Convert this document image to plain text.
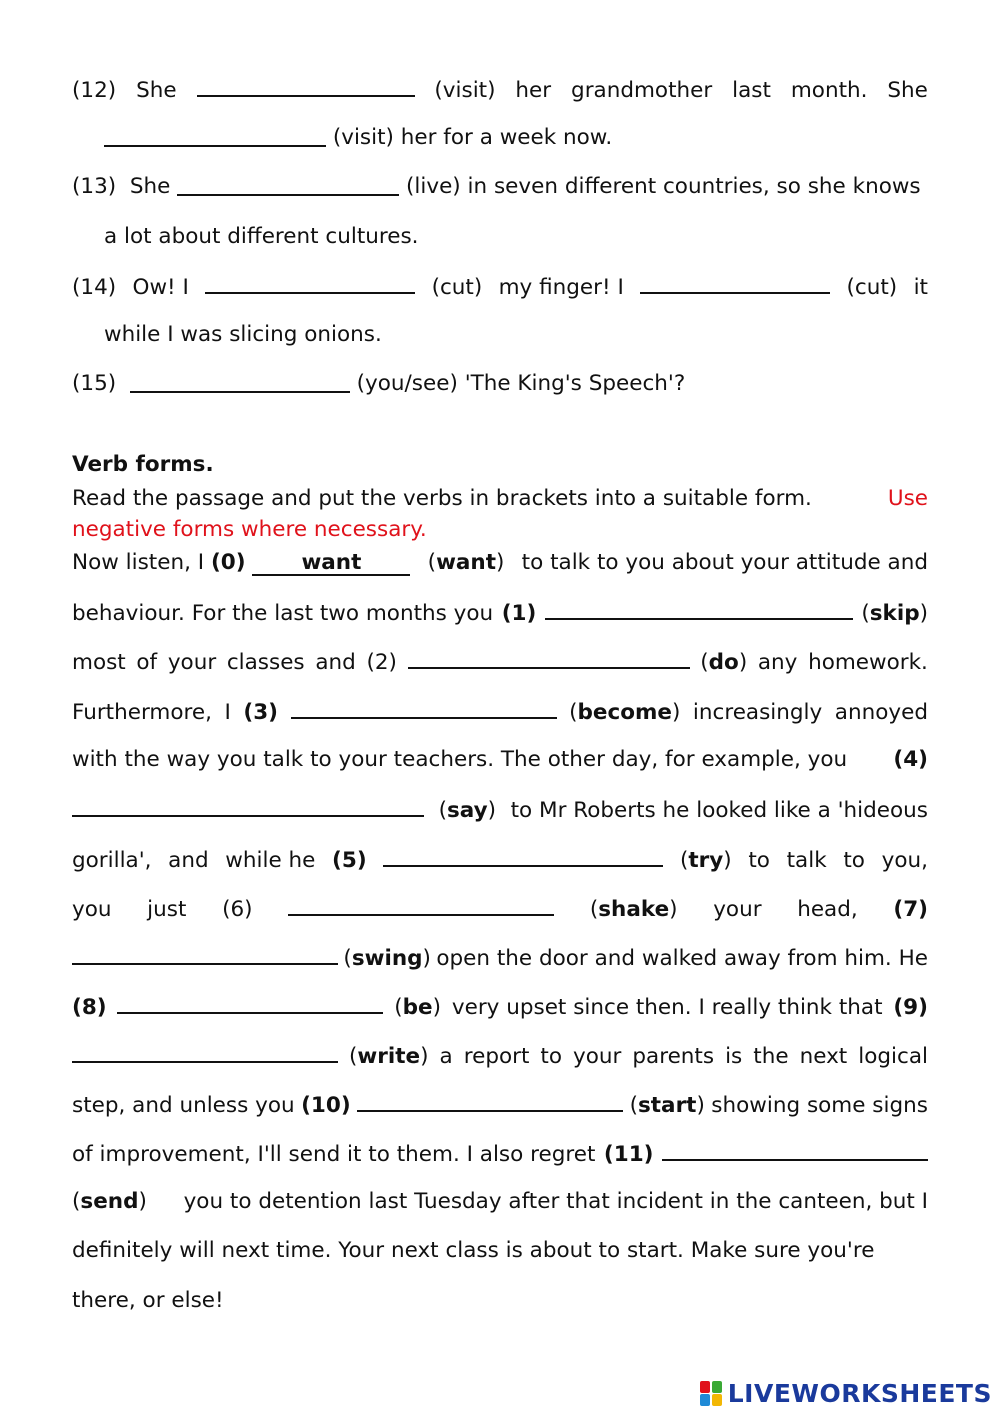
(12) She	(visit) her grandmother last month. She
(visit) her for a week now.
(13) She	(live) in seven different countries, so she knows
a lot about different cultures.
(14) Ow! I	(cut) my finger! I	(cut) it
while I was slicing onions.
(15)	(you/see) 'The King's Speech'?
Verb forms.
Read the passage and put the verbs in brackets into a suitable form.	Use
negative forms where necessary.
Now listen, I (0)	want	(want) to talk to you about your attitude and
behaviour. For the last two months you (1)	(skip)
most of your classes and (2)	(do) any homework.
Furthermore, I (3)	(become) increasingly annoyed
with the way you talk to your teachers. The other day, for example, you (4)
(say) to Mr Roberts he looked like a 'hideous
gorilla', and while he (5)	(try) to talk to you,
you just (6)	(shake) your head, (7)
(swing) open the door and walked away from him. He
(8)	(be) very upset since then. I really think that (9)
(write) a report to your parents is the next logical
step, and unless you (10)	(start) showing some signs
of improvement, I'll send it to them. I also regret (11)
(send) you to detention last Tuesday after that incident in the canteen, but I
definitely will next time. Your next class is about to start. Make sure you're
there, or else!
LIVEWORKSHEETS
